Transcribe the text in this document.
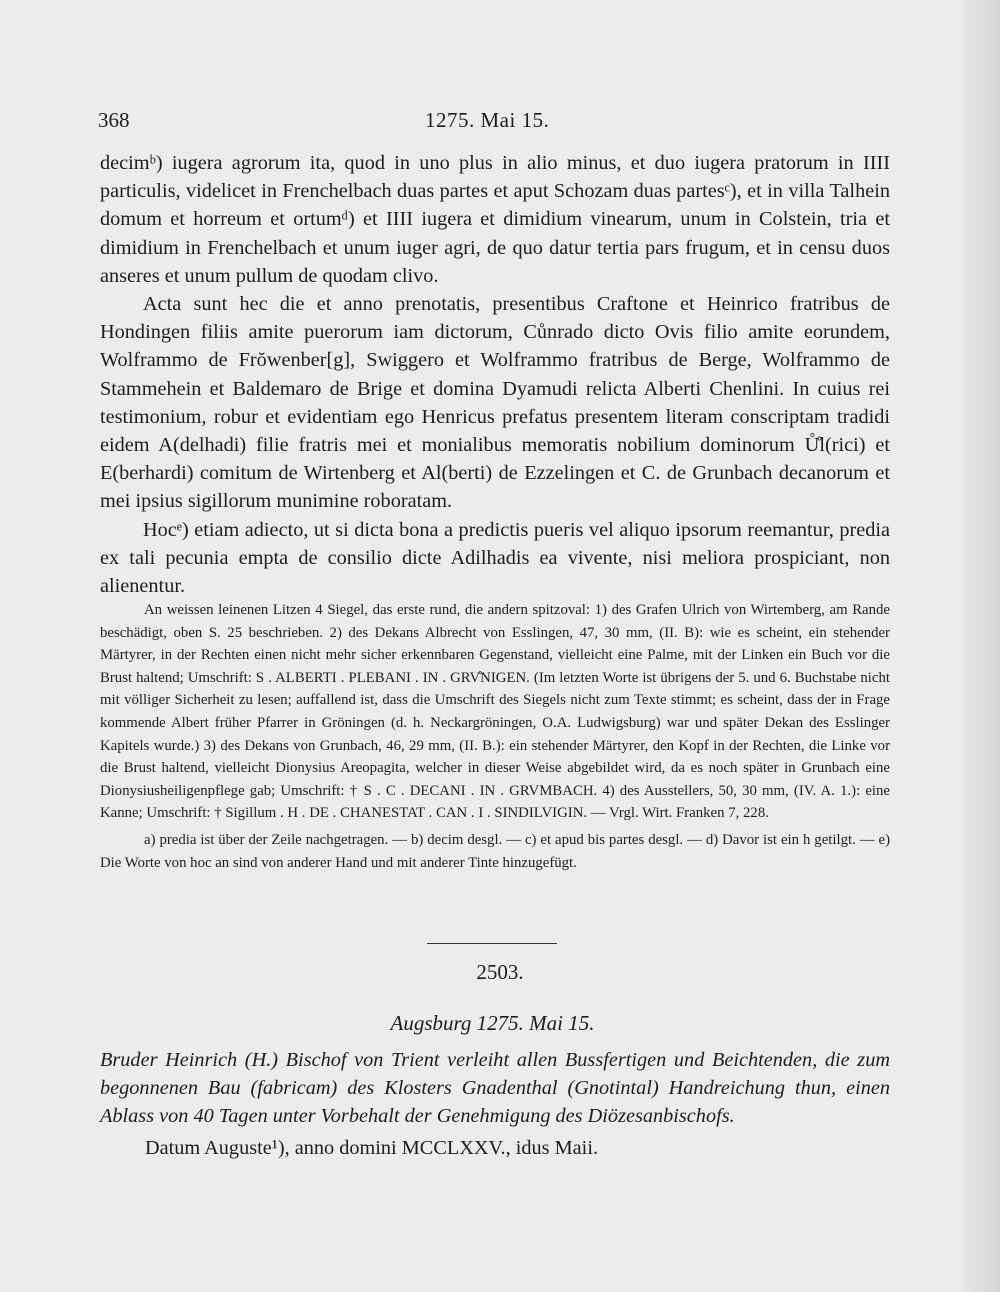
368	1275. Mai 15.

decimᵇ) iugera agrorum ita, quod in uno plus in alio minus, et duo iugera pratorum in IIII particulis, videlicet in Frenchelbach duas partes et aput Schozam duas partesᶜ), et in villa Talhein domum et horreum et ortumᵈ) et IIII iugera et dimidium vinearum, unum in Colstein, tria et dimidium in Frenchelbach et unum iuger agri, de quo datur tertia pars frugum, et in censu duos anseres et unum pullum de quodam clivo.

Acta sunt hec die et anno prenotatis, presentibus Craftone et Heinrico fratribus de Hondingen filiis amite puerorum iam dictorum, Cůnrado dicto Ovis filio amite eorundem, Wolframmo de Frŏwenber[g], Swiggero et Wolframmo fratribus de Berge, Wolframmo de Stammehein et Baldemaro de Brige et domina Dyamudi relicta Alberti Chenlini. In cuius rei testimonium, robur et evidentiam ego Henricus prefatus presentem literam conscriptam tradidi eidem A(delhadi) filie fratris mei et monialibus memoratis nobilium dominorum Ů̊l(rici) et E(berhardi) comitum de Wirtenberg et Al(berti) de Ezzelingen et C. de Grunbach decanorum et mei ipsius sigillorum munimine roboratam.

Hocᵉ) etiam adiecto, ut si dicta bona a predictis pueris vel aliquo ipsorum reemantur, predia ex tali pecunia empta de consilio dicte Adilhadis ea vivente, nisi meliora prospiciant, non alienentur.

An weissen leinenen Litzen 4 Siegel, das erste rund, die andern spitzoval: 1) des Grafen Ulrich von Wirtemberg, am Rande beschädigt, oben S. 25 beschrieben. 2) des Dekans Albrecht von Esslingen, 47, 30 mm, (II. B): wie es scheint, ein stehender Märtyrer, in der Rechten einen nicht mehr sicher erkennbaren Gegenstand, vielleicht eine Palme, mit der Linken ein Buch vor die Brust haltend; Umschrift: S . ALBERTI . PLEBANI . IN . GRV̊NIGEN. (Im letzten Worte ist übrigens der 5. und 6. Buchstabe nicht mit völliger Sicherheit zu lesen; auffallend ist, dass die Umschrift des Siegels nicht zum Texte stimmt; es scheint, dass der in Frage kommende Albert früher Pfarrer in Gröningen (d. h. Neckargröningen, O.A. Ludwigsburg) war und später Dekan des Esslinger Kapitels wurde.) 3) des Dekans von Grunbach, 46, 29 mm, (II. B.): ein stehender Märtyrer, den Kopf in der Rechten, die Linke vor die Brust haltend, vielleicht Dionysius Areopagita, welcher in dieser Weise abgebildet wird, da es noch später in Grunbach eine Dionysiusheiligenpflege gab; Umschrift: † S . C . DECANI . IN . GRVMBACH. 4) des Ausstellers, 50, 30 mm, (IV. A. 1.): eine Kanne; Umschrift: † Sigillum . H . DE . CHANESTAT . CAN . I . SINDILVIGIN. — Vrgl. Wirt. Franken 7, 228.

a) predia ist über der Zeile nachgetragen. — b) decim desgl. — c) et apud bis partes desgl. — d) Davor ist ein h getilgt. — e) Die Worte von hoc an sind von anderer Hand und mit anderer Tinte hinzugefügt.

2503.
Augsburg 1275. Mai 15.

Bruder Heinrich (H.) Bischof von Trient verleiht allen Bussfertigen und Beichtenden, die zum begonnenen Bau (fabricam) des Klosters Gnadenthal (Gnotintal) Handreichung thun, einen Ablass von 40 Tagen unter Vorbehalt der Genehmigung des Diözesanbischofs.

Datum Auguste¹), anno domini MCCLXXV., idus Maii.
